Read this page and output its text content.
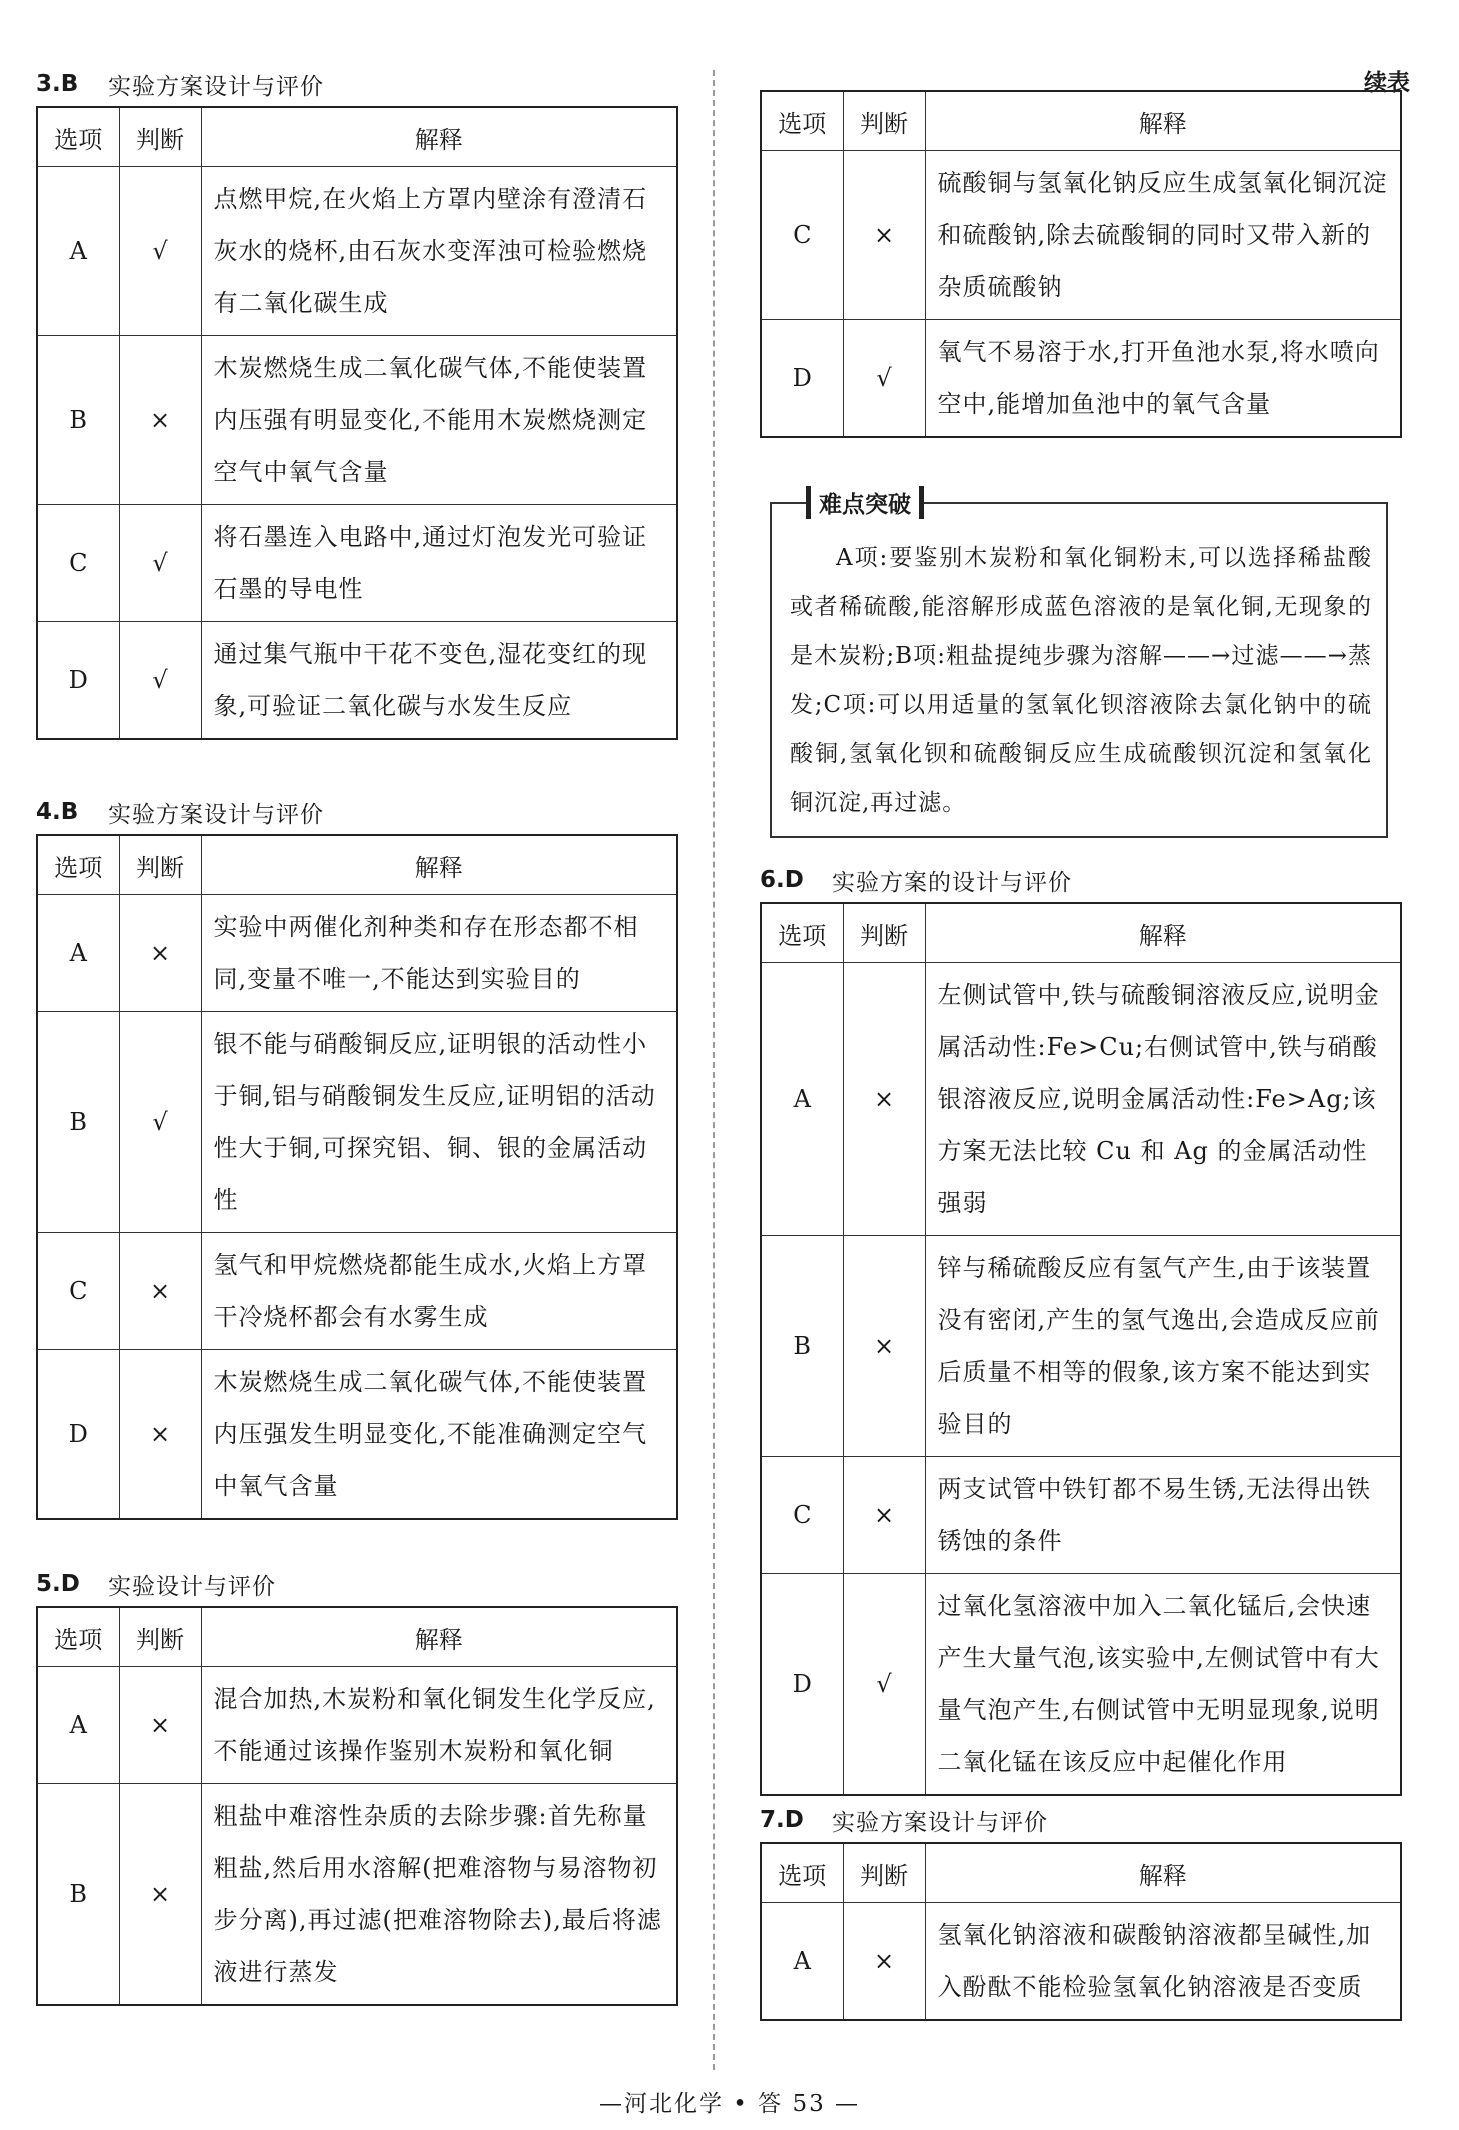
3.B	实验方案设计与评价
选项	判断	解释
A	√	点燃甲烷,在火焰上方罩内壁涂有澄清石灰水的烧杯,由石灰水变浑浊可检验燃烧有二氧化碳生成
B	×	木炭燃烧生成二氧化碳气体,不能使装置内压强有明显变化,不能用木炭燃烧测定空气中氧气含量
C	√	将石墨连入电路中,通过灯泡发光可验证石墨的导电性
D	√	通过集气瓶中干花不变色,湿花变红的现象,可验证二氧化碳与水发生反应
4.B	实验方案设计与评价
选项	判断	解释
A	×	实验中两催化剂种类和存在形态都不相同,变量不唯一,不能达到实验目的
B	√	银不能与硝酸铜反应,证明银的活动性小于铜,铝与硝酸铜发生反应,证明铝的活动性大于铜,可探究铝、铜、银的金属活动性
C	×	氢气和甲烷燃烧都能生成水,火焰上方罩干冷烧杯都会有水雾生成
D	×	木炭燃烧生成二氧化碳气体,不能使装置内压强发生明显变化,不能准确测定空气中氧气含量
5.D	实验设计与评价
选项	判断	解释
A	×	混合加热,木炭粉和氧化铜发生化学反应,不能通过该操作鉴别木炭粉和氧化铜
B	×	粗盐中难溶性杂质的去除步骤:首先称量粗盐,然后用水溶解(把难溶物与易溶物初步分离),再过滤(把难溶物除去),最后将滤液进行蒸发
续表
难点突破
A项:要鉴别木炭粉和氧化铜粉末,可以选择稀盐酸或者稀硫酸,能溶解形成蓝色溶液的是氧化铜,无现象的是木炭粉;B项:粗盐提纯步骤为溶解——→过滤——→蒸发;C项:可以用适量的氢氧化钡溶液除去氯化钠中的硫酸铜,氢氧化钡和硫酸铜反应生成硫酸钡沉淀和氢氧化铜沉淀,再过滤。
选项	判断	解释
C	×	硫酸铜与氢氧化钠反应生成氢氧化铜沉淀和硫酸钠,除去硫酸铜的同时又带入新的杂质硫酸钠
D	√	氧气不易溶于水,打开鱼池水泵,将水喷向空中,能增加鱼池中的氧气含量
6.D	实验方案的设计与评价
选项	判断	解释
A	×	左侧试管中,铁与硫酸铜溶液反应,说明金属活动性:Fe>Cu;右侧试管中,铁与硝酸银溶液反应,说明金属活动性:Fe>Ag;该方案无法比较 Cu 和 Ag 的金属活动性强弱
B	×	锌与稀硫酸反应有氢气产生,由于该装置没有密闭,产生的氢气逸出,会造成反应前后质量不相等的假象,该方案不能达到实验目的
C	×	两支试管中铁钉都不易生锈,无法得出铁锈蚀的条件
D	√	过氧化氢溶液中加入二氧化锰后,会快速产生大量气泡,该实验中,左侧试管中有大量气泡产生,右侧试管中无明显现象,说明二氧化锰在该反应中起催化作用
7.D	实验方案设计与评价
选项	判断	解释
A	×	氢氧化钠溶液和碳酸钠溶液都呈碱性,加入酚酞不能检验氢氧化钠溶液是否变质
—河北化学 • 答 53 —
